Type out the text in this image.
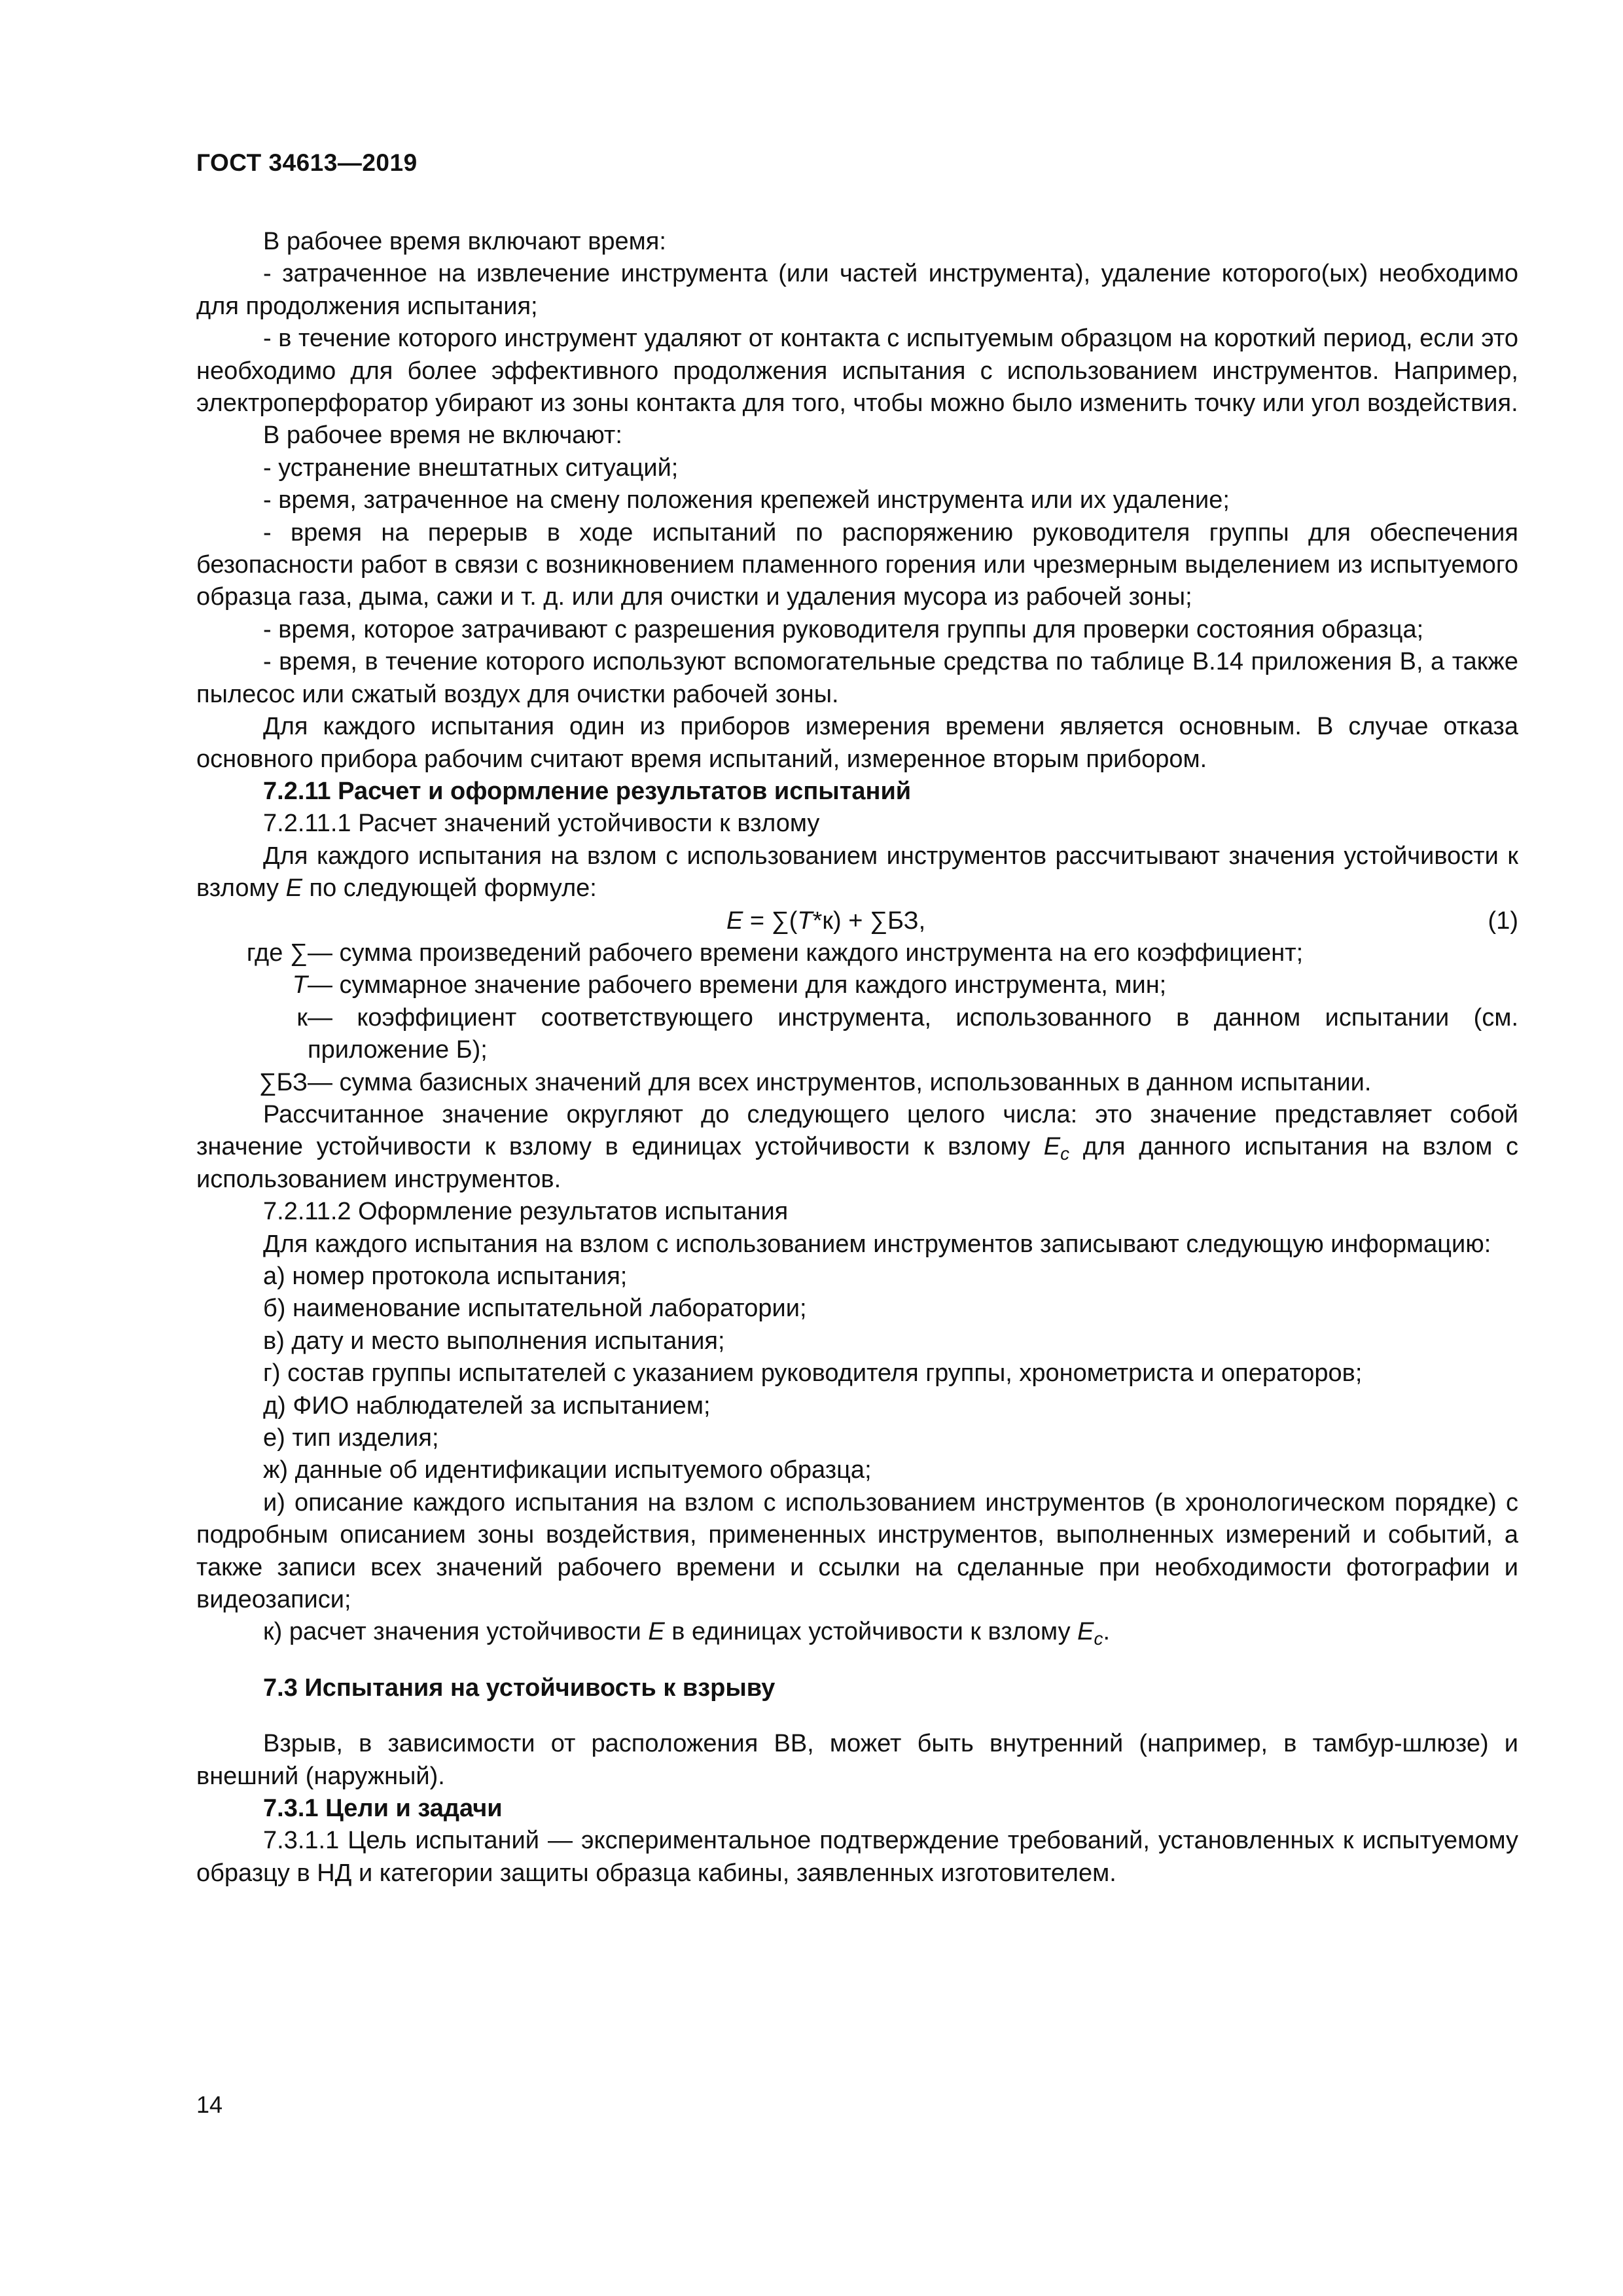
ГОСТ 34613—2019

В рабочее время включают время:

- затраченное на извлечение инструмента (или частей инструмента), удаление которого(ых) необходимо для продолжения испытания;

- в течение которого инструмент удаляют от контакта с испытуемым образцом на короткий период, если это необходимо для более эффективного продолжения испытания с использованием инструментов. Например, электроперфоратор убирают из зоны контакта для того, чтобы можно было изменить точку или угол воздействия.

В рабочее время не включают:

- устранение внештатных ситуаций;

- время, затраченное на смену положения крепежей инструмента или их удаление;

- время на перерыв в ходе испытаний по распоряжению руководителя группы для обеспечения безопасности работ в связи с возникновением пламенного горения или чрезмерным выделением из испытуемого образца газа, дыма, сажи и т. д. или для очистки и удаления мусора из рабочей зоны;

- время, которое затрачивают с разрешения руководителя группы для проверки состояния образца;

- время, в течение которого используют вспомогательные средства по таблице В.14 приложения В, а также пылесос или сжатый воздух для очистки рабочей зоны.

Для каждого испытания один из приборов измерения времени является основным. В случае отказа основного прибора рабочим считают время испытаний, измеренное вторым прибором.

7.2.11 Расчет и оформление результатов испытаний

7.2.11.1 Расчет значений устойчивости к взлому

Для каждого испытания на взлом с использованием инструментов рассчитывают значения устойчивости к взлому E по следующей формуле:

E = ∑(T*к) + ∑БЗ,	(1)

где ∑ — сумма произведений рабочего времени каждого инструмента на его коэффициент;

T — суммарное значение рабочего времени для каждого инструмента, мин;

к — коэффициент соответствующего инструмента, использованного в данном испытании (см. приложение Б);

∑БЗ — сумма базисных значений для всех инструментов, использованных в данном испытании.

Рассчитанное значение округляют до следующего целого числа: это значение представляет собой значение устойчивости к взлому в единицах устойчивости к взлому $E_c$ для данного испытания на взлом с использованием инструментов.

7.2.11.2 Оформление результатов испытания

Для каждого испытания на взлом с использованием инструментов записывают следующую информацию:

а) номер протокола испытания;

б) наименование испытательной лаборатории;

в) дату и место выполнения испытания;

г) состав группы испытателей с указанием руководителя группы, хронометриста и операторов;

д) ФИО наблюдателей за испытанием;

е) тип изделия;

ж) данные об идентификации испытуемого образца;

и) описание каждого испытания на взлом с использованием инструментов (в хронологическом порядке) с подробным описанием зоны воздействия, примененных инструментов, выполненных измерений и событий, а также записи всех значений рабочего времени и ссылки на сделанные при необходимости фотографии и видеозаписи;

к) расчет значения устойчивости E в единицах устойчивости к взлому $E_c$.

7.3 Испытания на устойчивость к взрыву

Взрыв, в зависимости от расположения ВВ, может быть внутренний (например, в тамбур-шлюзе) и внешний (наружный).

7.3.1 Цели и задачи

7.3.1.1 Цель испытаний — экспериментальное подтверждение требований, установленных к испытуемому образцу в НД и категории защиты образца кабины, заявленных изготовителем.

14
